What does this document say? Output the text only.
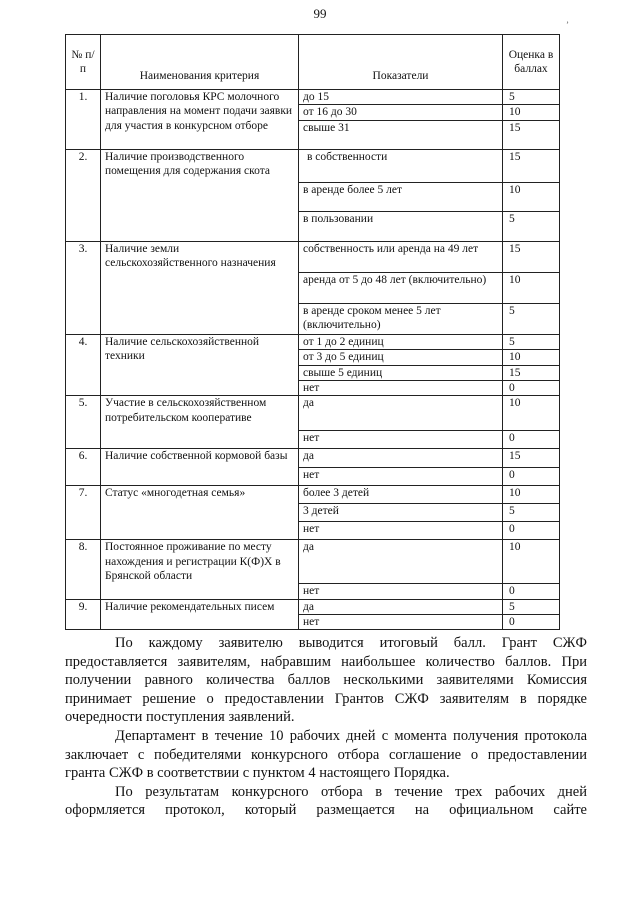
99
ʼ
№ п/п	Наименования критерия	Показатели	Оценка в баллах
1.	Наличие поголовья КРС молочного направления на момент подачи заявки для участия в конкурсном отборе	до 15	5
		от 16 до 30	10
		свыше 31	15
2.	Наличие производственного помещения для содержания скота	в собственности	15
		в аренде более 5 лет	10
		в пользовании	5
3.	Наличие земли сельскохозяйственного назначения	собственность или аренда на 49 лет	15
		аренда от 5 до 48 лет (включительно)	10
		в аренде сроком менее 5 лет (включительно)	5
4.	Наличие сельскохозяйственной техники	от 1 до 2 единиц	5
		от 3 до 5 единиц	10
		свыше 5 единиц	15
		нет	0
5.	Участие в сельскохозяйственном потребительском кооперативе	да	10
		нет	0
6.	Наличие собственной кормовой базы	да	15
		нет	0
7.	Статус «многодетная семья»	более 3 детей	10
		3 детей	5
		нет	0
8.	Постоянное проживание по месту нахождения и регистрации К(Ф)Х в Брянской области	да	10
		нет	0
9.	Наличие рекомендательных писем	да	5
		нет	0

По каждому заявителю выводится итоговый балл. Грант СЖФ предоставляется заявителям, набравшим наибольшее количество баллов. При получении равного количества баллов несколькими заявителями Комиссия принимает решение о предоставлении Грантов СЖФ заявителям в порядке очередности поступления заявлений.

Департамент в течение 10 рабочих дней с момента получения протокола заключает с победителями конкурсного отбора соглашение о предоставлении гранта СЖФ в соответствии с пунктом 4 настоящего Порядка.

По результатам конкурсного отбора в течение трех рабочих дней оформляется протокол, который размещается на официальном сайте
